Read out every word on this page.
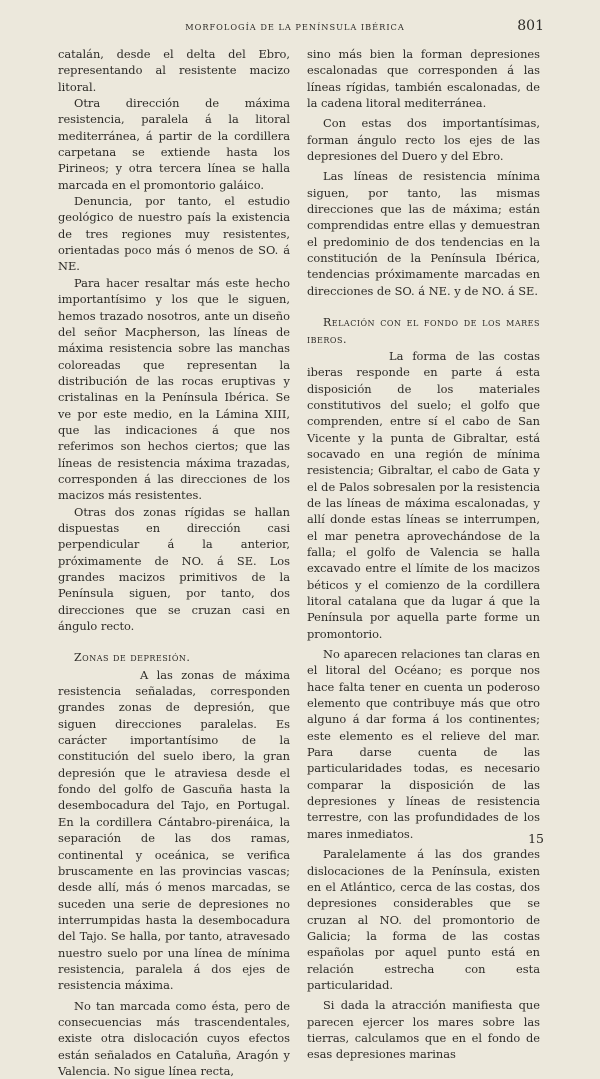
MORFOLOGÍA DE LA PENÍNSULA IBÉRICA	801

catalán, desde el delta del Ebro, representando al resistente macizo litoral.

Otra dirección de máxima resistencia, paralela á la litoral mediterránea, á partir de la cordillera carpetana se extiende hasta los Pirineos; y otra tercera línea se halla marcada en el promontorio galáico.

Denuncia, por tanto, el estudio geológico de nuestro país la existencia de tres regiones muy resistentes, orientadas poco más ó menos de SO. á NE.

Para hacer resaltar más este hecho importantísimo y los que le siguen, hemos trazado nosotros, ante un diseño del señor Macpherson, las líneas de máxima resistencia sobre las manchas coloreadas que representan la distribución de las rocas eruptivas y cristalinas en la Península Ibérica. Se ve por este medio, en la Lámina XIII, que las indicaciones á que nos referimos son hechos ciertos; que las líneas de resistencia máxima trazadas, corresponden á las direcciones de los macizos más resistentes.

Otras dos zonas rígidas se hallan dispuestas en dirección casi perpendicular á la anterior, próximamente de NO. á SE. Los grandes macizos primitivos de la Península siguen, por tanto, dos direcciones que se cruzan casi en ángulo recto.

Zonas de depresión.

A las zonas de máxima resistencia señaladas, corresponden grandes zonas de depresión, que siguen direcciones paralelas. Es carácter importantísimo de la constitución del suelo ibero, la gran depresión que le atraviesa desde el fondo del golfo de Gascuña hasta la desembocadura del Tajo, en Portugal. En la cordillera Cántabro-pirenáica, la separación de las dos ramas, continental y oceánica, se verifica bruscamente en las provincias vascas; desde allí, más ó menos marcadas, se suceden una serie de depresiones no interrumpidas hasta la desembocadura del Tajo. Se halla, por tanto, atravesado nuestro suelo por una línea de mínima resistencia, paralela á dos ejes de resistencia máxima.

No tan marcada como ésta, pero de consecuencias más trascendentales, existe otra dislocación cuyos efectos están señalados en Cataluña, Aragón y Valencia. No sigue línea recta,

sino más bien la forman depresiones escalonadas que corresponden á las líneas rígidas, también escalonadas, de la cadena litoral mediterránea.

Con estas dos importantísimas, forman ángulo recto los ejes de las depresiones del Duero y del Ebro.

Las líneas de resistencia mínima siguen, por tanto, las mismas direcciones que las de máxima; están comprendidas entre ellas y demuestran el predominio de dos tendencias en la constitución de la Península Ibérica, tendencias próximamente marcadas en direcciones de SO. á NE. y de NO. á SE.

Relación con el fondo de los mares iberos.

La forma de las costas iberas responde en parte á esta disposición de los materiales constitutivos del suelo; el golfo que comprenden, entre sí el cabo de San Vicente y la punta de Gibraltar, está socavado en una región de mínima resistencia; Gibraltar, el cabo de Gata y el de Palos sobresalen por la resistencia de las líneas de máxima escalonadas, y allí donde estas líneas se interrumpen, el mar penetra aprovechándose de la falla; el golfo de Valencia se halla excavado entre el límite de los macizos béticos y el comienzo de la cordillera litoral catalana que da lugar á que la Península por aquella parte forme un promontorio.

No aparecen relaciones tan claras en el litoral del Océano; es porque nos hace falta tener en cuenta un poderoso elemento que contribuye más que otro alguno á dar forma á los continentes; este elemento es el relieve del mar. Para darse cuenta de las particularidades todas, es necesario comparar la disposición de las depresiones y líneas de resistencia terrestre, con las profundidades de los mares inmediatos.

Paralelamente á las dos grandes dislocaciones de la Península, existen en el Atlántico, cerca de las costas, dos depresiones considerables que se cruzan al NO. del promontorio de Galicia; la forma de las costas españolas por aquel punto está en relación estrecha con esta particularidad.

Si dada la atracción manifiesta que parecen ejercer los mares sobre las tierras, calculamos que en el fondo de esas depresiones marinas

15
